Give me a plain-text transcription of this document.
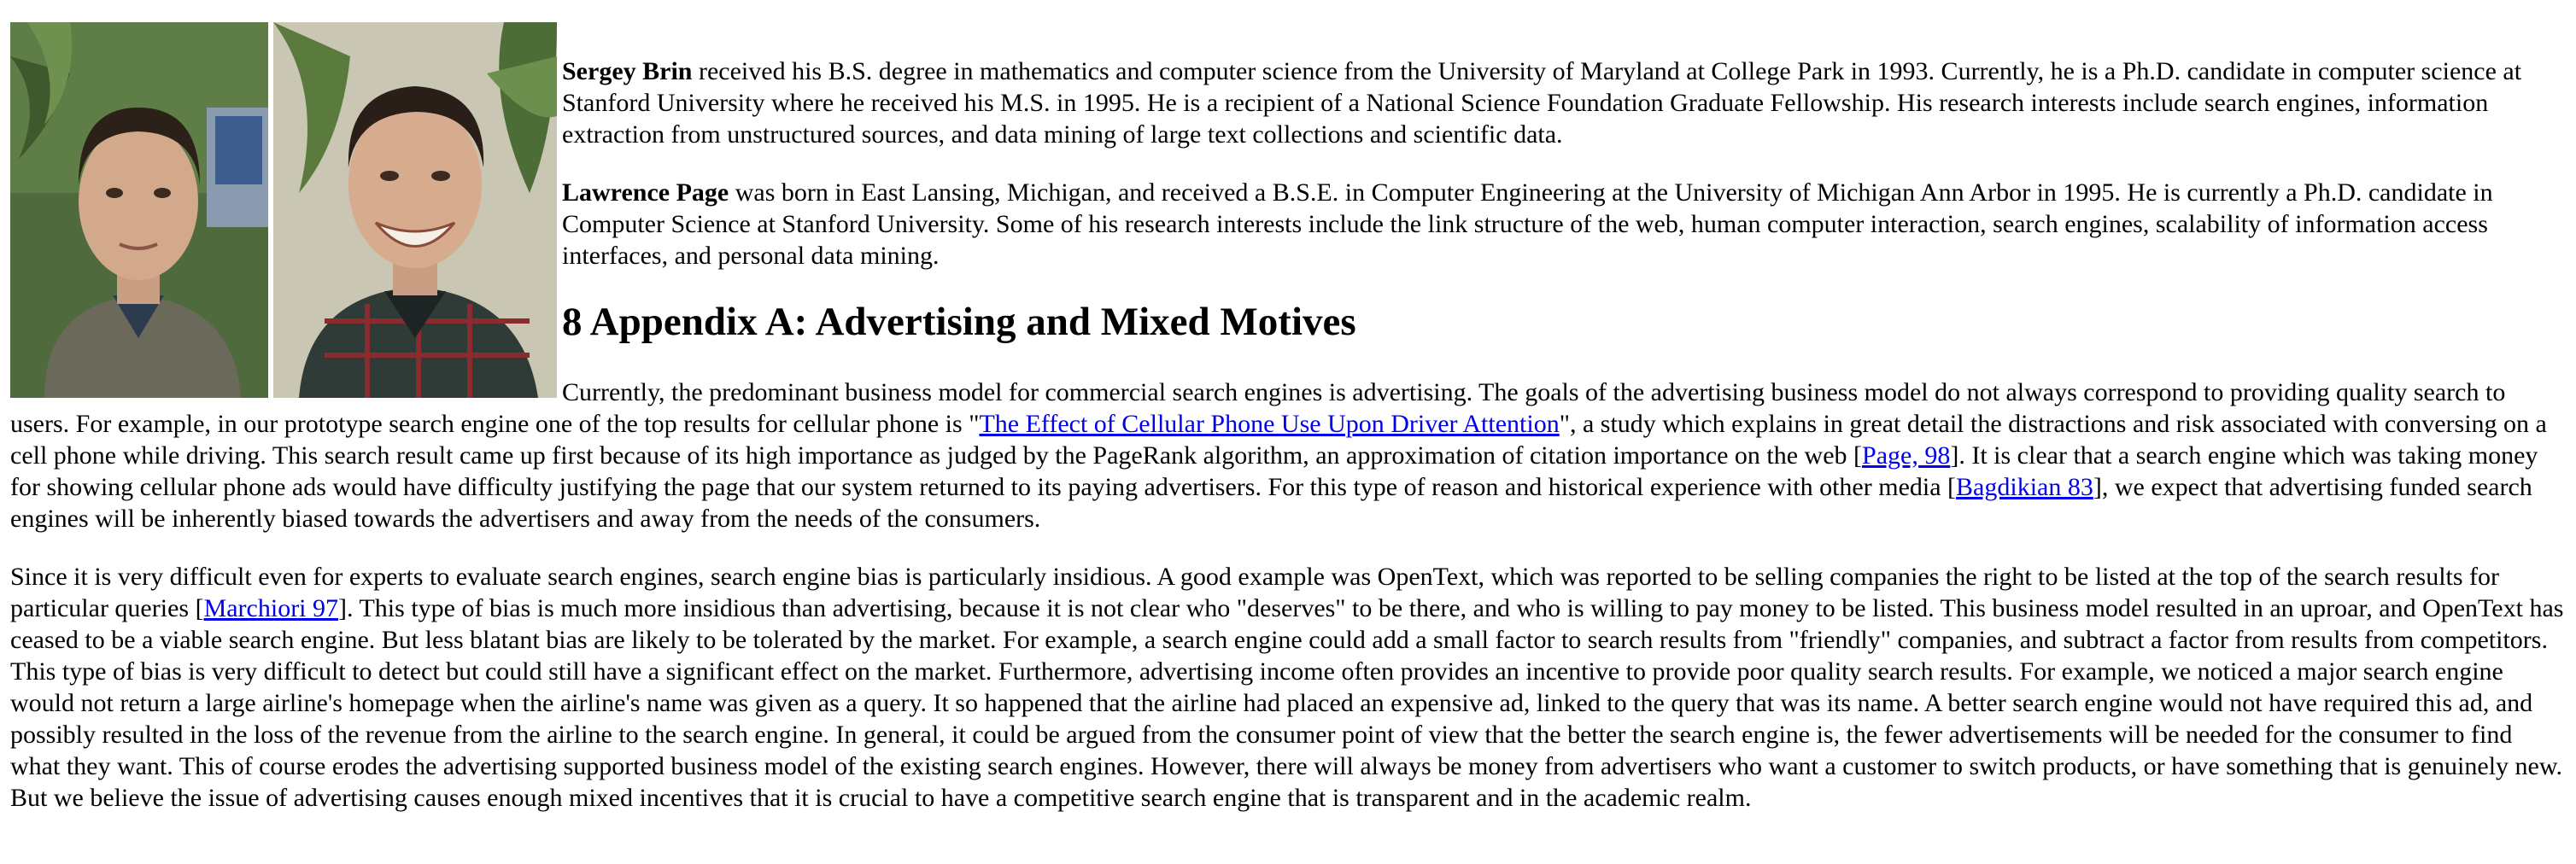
Sergey Brin received his B.S. degree in mathematics and computer science from the University of Maryland at College Park in 1993. Currently, he is a Ph.D. candidate in computer science at Stanford University where he received his M.S. in 1995. He is a recipient of a National Science Foundation Graduate Fellowship. His research interests include search engines, information extraction from unstructured sources, and data mining of large text collections and scientific data.

Lawrence Page was born in East Lansing, Michigan, and received a B.S.E. in Computer Engineering at the University of Michigan Ann Arbor in 1995. He is currently a Ph.D. candidate in Computer Science at Stanford University. Some of his research interests include the link structure of the web, human computer interaction, search engines, scalability of information access interfaces, and personal data mining.

8 Appendix A: Advertising and Mixed Motives

Currently, the predominant business model for commercial search engines is advertising. The goals of the advertising business model do not always correspond to providing quality search to users. For example, in our prototype search engine one of the top results for cellular phone is "The Effect of Cellular Phone Use Upon Driver Attention", a study which explains in great detail the distractions and risk associated with conversing on a cell phone while driving. This search result came up first because of its high importance as judged by the PageRank algorithm, an approximation of citation importance on the web [Page, 98]. It is clear that a search engine which was taking money for showing cellular phone ads would have difficulty justifying the page that our system returned to its paying advertisers. For this type of reason and historical experience with other media [Bagdikian 83], we expect that advertising funded search engines will be inherently biased towards the advertisers and away from the needs of the consumers.

Since it is very difficult even for experts to evaluate search engines, search engine bias is particularly insidious. A good example was OpenText, which was reported to be selling companies the right to be listed at the top of the search results for particular queries [Marchiori 97]. This type of bias is much more insidious than advertising, because it is not clear who "deserves" to be there, and who is willing to pay money to be listed. This business model resulted in an uproar, and OpenText has ceased to be a viable search engine. But less blatant bias are likely to be tolerated by the market. For example, a search engine could add a small factor to search results from "friendly" companies, and subtract a factor from results from competitors. This type of bias is very difficult to detect but could still have a significant effect on the market. Furthermore, advertising income often provides an incentive to provide poor quality search results. For example, we noticed a major search engine would not return a large airline's homepage when the airline's name was given as a query. It so happened that the airline had placed an expensive ad, linked to the query that was its name. A better search engine would not have required this ad, and possibly resulted in the loss of the revenue from the airline to the search engine. In general, it could be argued from the consumer point of view that the better the search engine is, the fewer advertisements will be needed for the consumer to find what they want. This of course erodes the advertising supported business model of the existing search engines. However, there will always be money from advertisers who want a customer to switch products, or have something that is genuinely new. But we believe the issue of advertising causes enough mixed incentives that it is crucial to have a competitive search engine that is transparent and in the academic realm.
